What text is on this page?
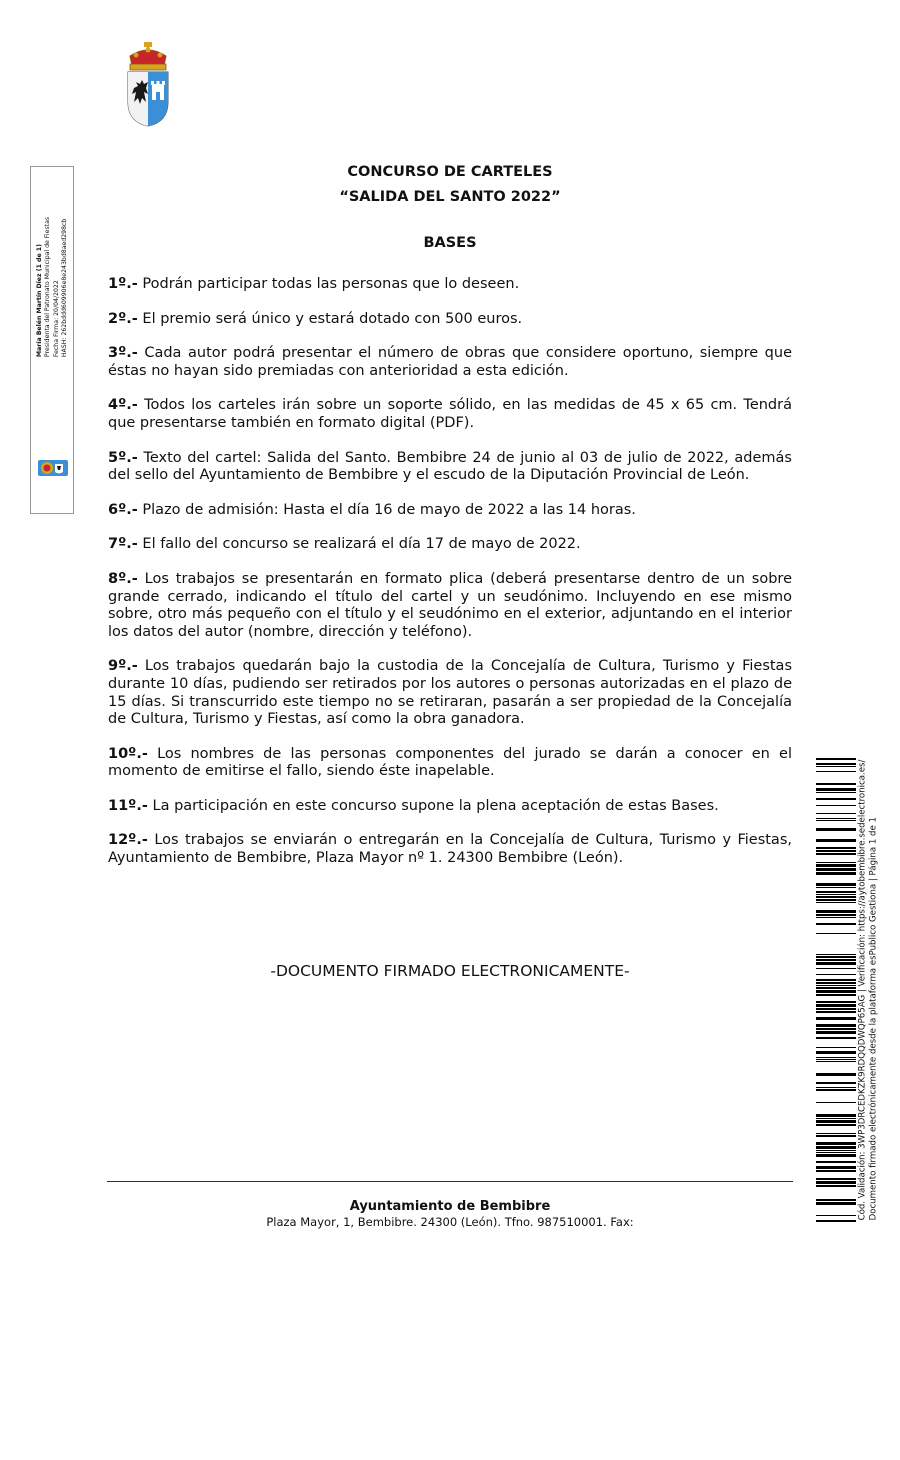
María Belén Martín Díez (1 de 1) Presidenta del Patronato Municipal de Fiestas Fecha Firma: 20/04/2022 HASH: 262bddd609906e8e243bd8aed298cb
CONCURSO DE CARTELES
“SALIDA DEL SANTO 2022”
BASES

1º.- Podrán participar todas las personas que lo deseen.

2º.- El premio será único y estará dotado con 500 euros.

3º.- Cada autor podrá presentar el número de obras que considere oportuno, siempre que éstas no hayan sido premiadas con anterioridad a esta edición.

4º.- Todos los carteles irán sobre un soporte sólido, en las medidas de 45 x 65 cm. Tendrá que presentarse también en formato digital (PDF).

5º.- Texto del cartel: Salida del Santo. Bembibre 24 de junio al 03 de julio de 2022, además del sello del Ayuntamiento de Bembibre y el escudo de la Diputación Provincial de León.

6º.- Plazo de admisión: Hasta el día 16 de mayo de 2022 a las 14 horas.

7º.- El fallo del concurso se realizará el día 17 de mayo de 2022.

8º.- Los trabajos se presentarán en formato plica (deberá presentarse dentro de un sobre grande cerrado, indicando el título del cartel y un seudónimo. Incluyendo en ese mismo sobre, otro más pequeño con el título y el seudónimo en el exterior, adjuntando en el interior los datos del autor (nombre, dirección y teléfono).

9º.- Los trabajos quedarán bajo la custodia de la Concejalía de Cultura, Turismo y Fiestas durante 10 días, pudiendo ser retirados por los autores o personas autorizadas en el plazo de 15 días. Si transcurrido este tiempo no se retiraran, pasarán a ser propiedad de la Concejalía de Cultura, Turismo y Fiestas, así como la obra ganadora.

10º.- Los nombres de las personas componentes del jurado se darán a conocer en el momento de emitirse el fallo, siendo éste inapelable.

11º.- La participación en este concurso supone la plena aceptación de estas Bases.

12º.- Los trabajos se enviarán o entregarán en la Concejalía de Cultura, Turismo y Fiestas, Ayuntamiento de Bembibre, Plaza Mayor nº 1. 24300 Bembibre (León).

-DOCUMENTO FIRMADO ELECTRONICAMENTE-
Ayuntamiento de Bembibre
Plaza Mayor, 1, Bembibre. 24300 (León). Tfno. 987510001. Fax:
Cód. Validación: 3WP3DRCEDKZK9RDQQDWQP65AG | Verificación: https://aytobembibre.sedelectronica.es/ Documento firmado electrónicamente desde la plataforma esPublico Gestiona | Página 1 de 1
